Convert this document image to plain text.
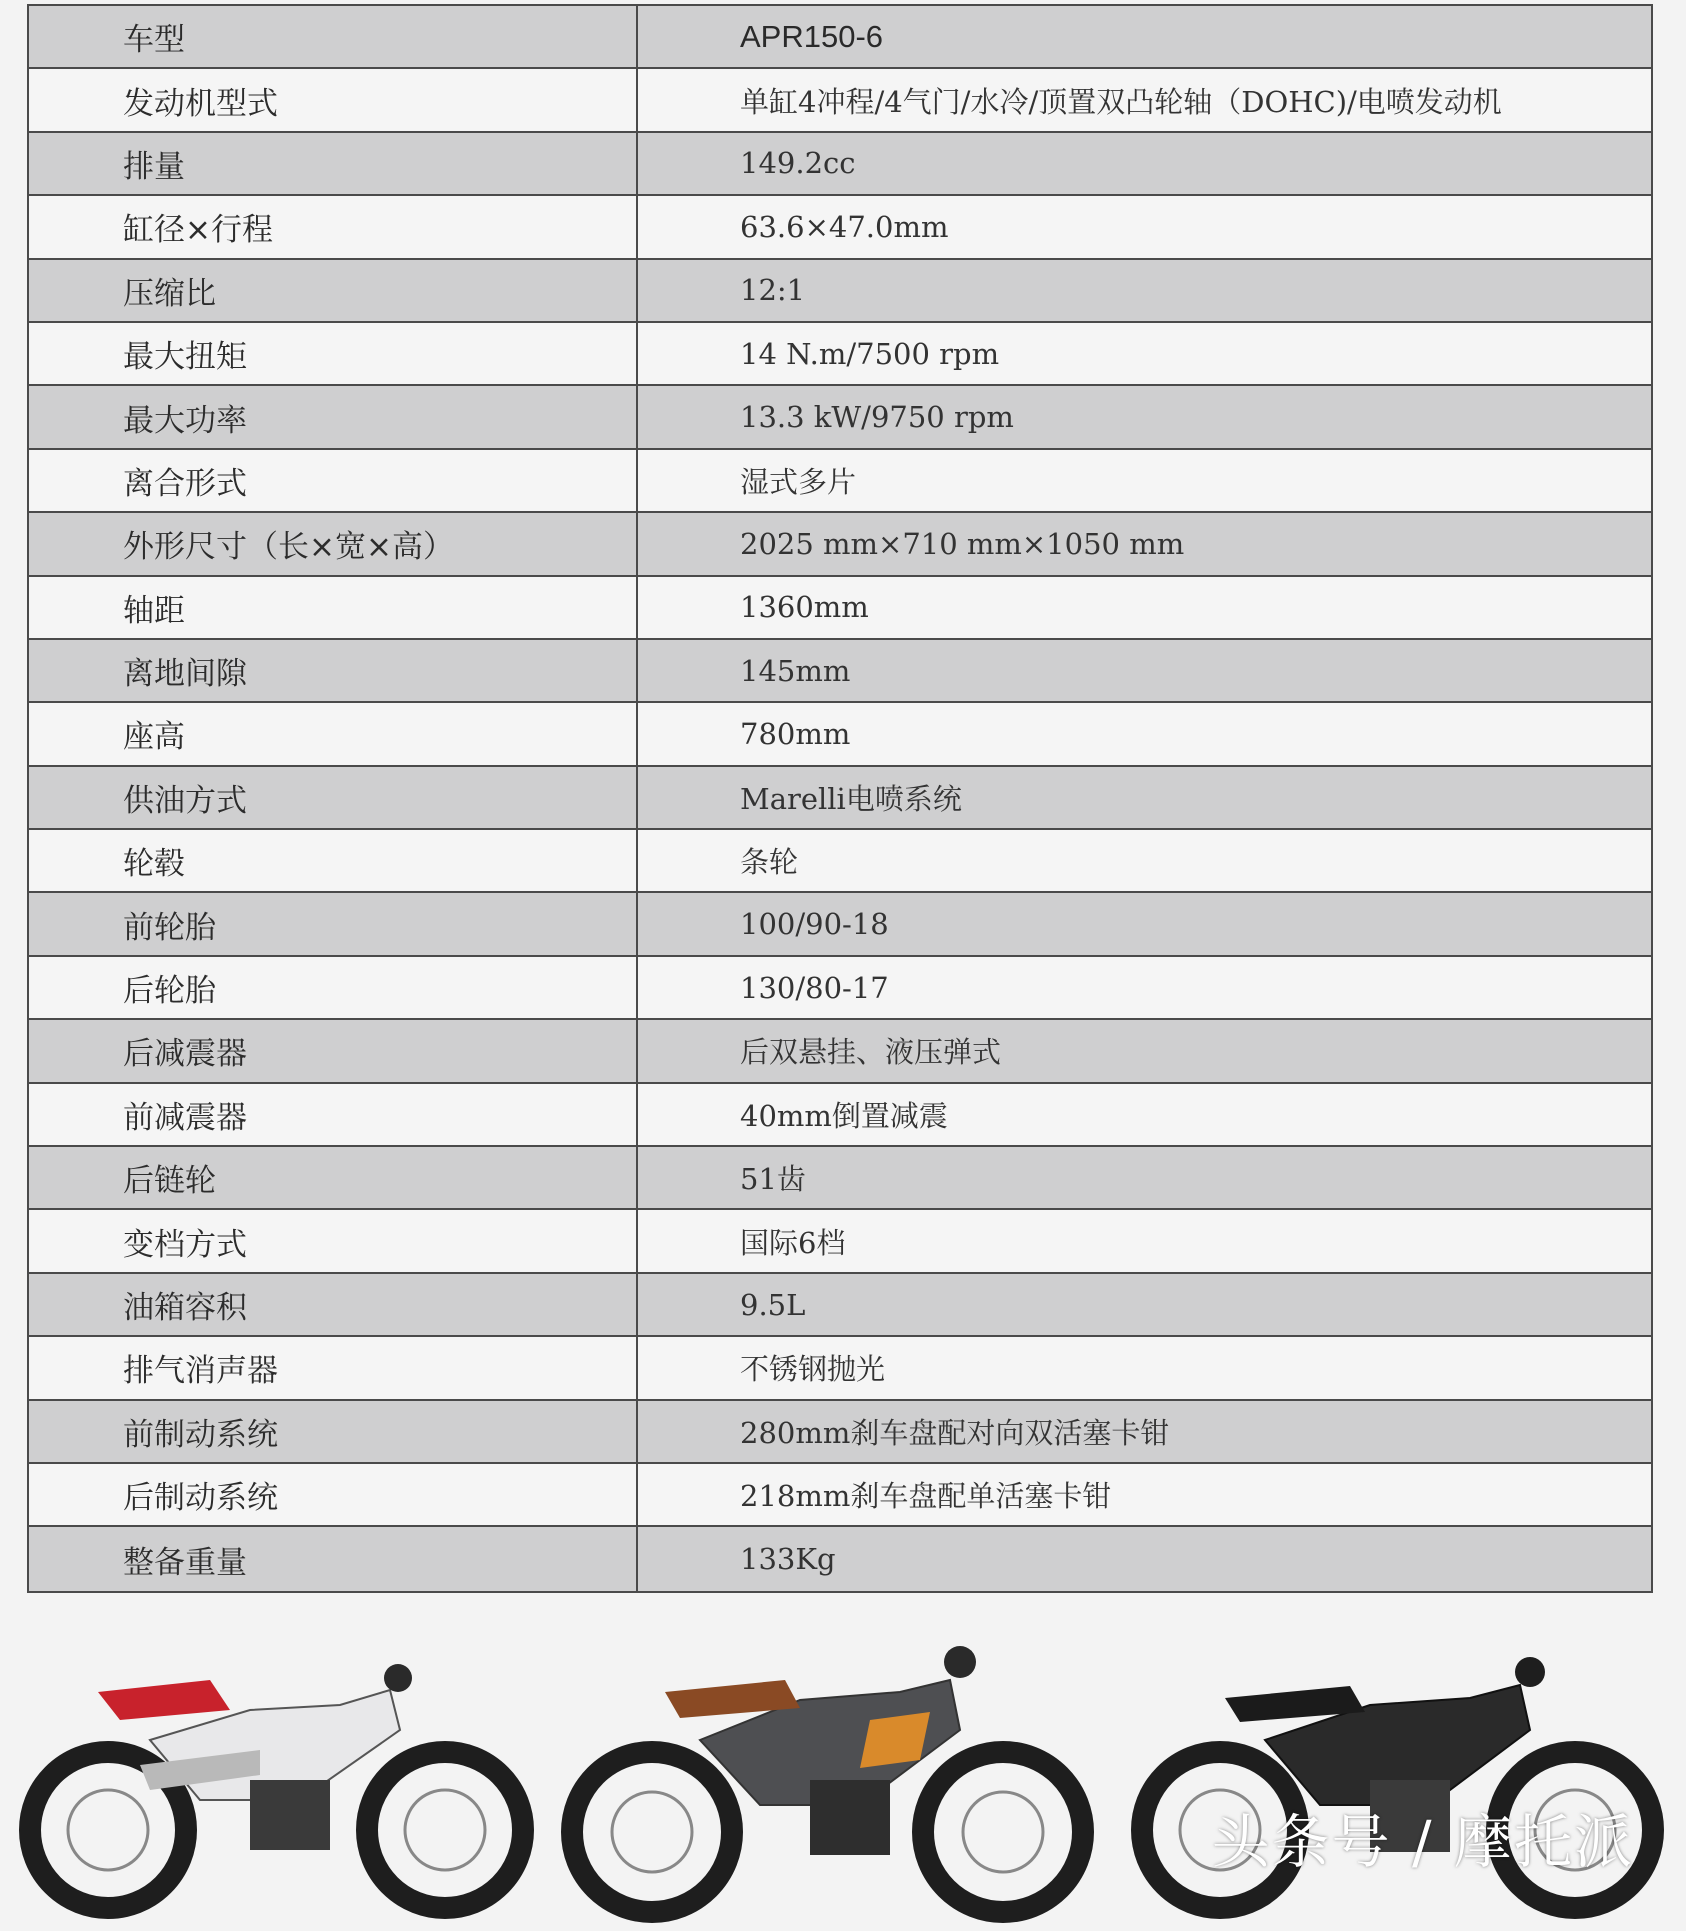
车型	APR150-6
发动机型式	单缸4冲程/4气门/水冷/顶置双凸轮轴（DOHC)/电喷发动机
排量	149.2cc
缸径×行程	63.6×47.0mm
压缩比	12:1
最大扭矩	14 N.m/7500 rpm
最大功率	13.3 kW/9750 rpm
离合形式	湿式多片
外形尺寸（长×宽×高）	2025 mm×710 mm×1050 mm
轴距	1360mm
离地间隙	145mm
座高	780mm
供油方式	Marelli电喷系统
轮毂	条轮
前轮胎	100/90-18
后轮胎	130/80-17
后减震器	后双悬挂、液压弹式
前减震器	40mm倒置减震
后链轮	51齿
变档方式	国际6档
油箱容积	9.5L
排气消声器	不锈钢抛光
前制动系统	280mm刹车盘配对向双活塞卡钳
后制动系统	218mm刹车盘配单活塞卡钳
整备重量	133Kg
头条号 / 摩托派
